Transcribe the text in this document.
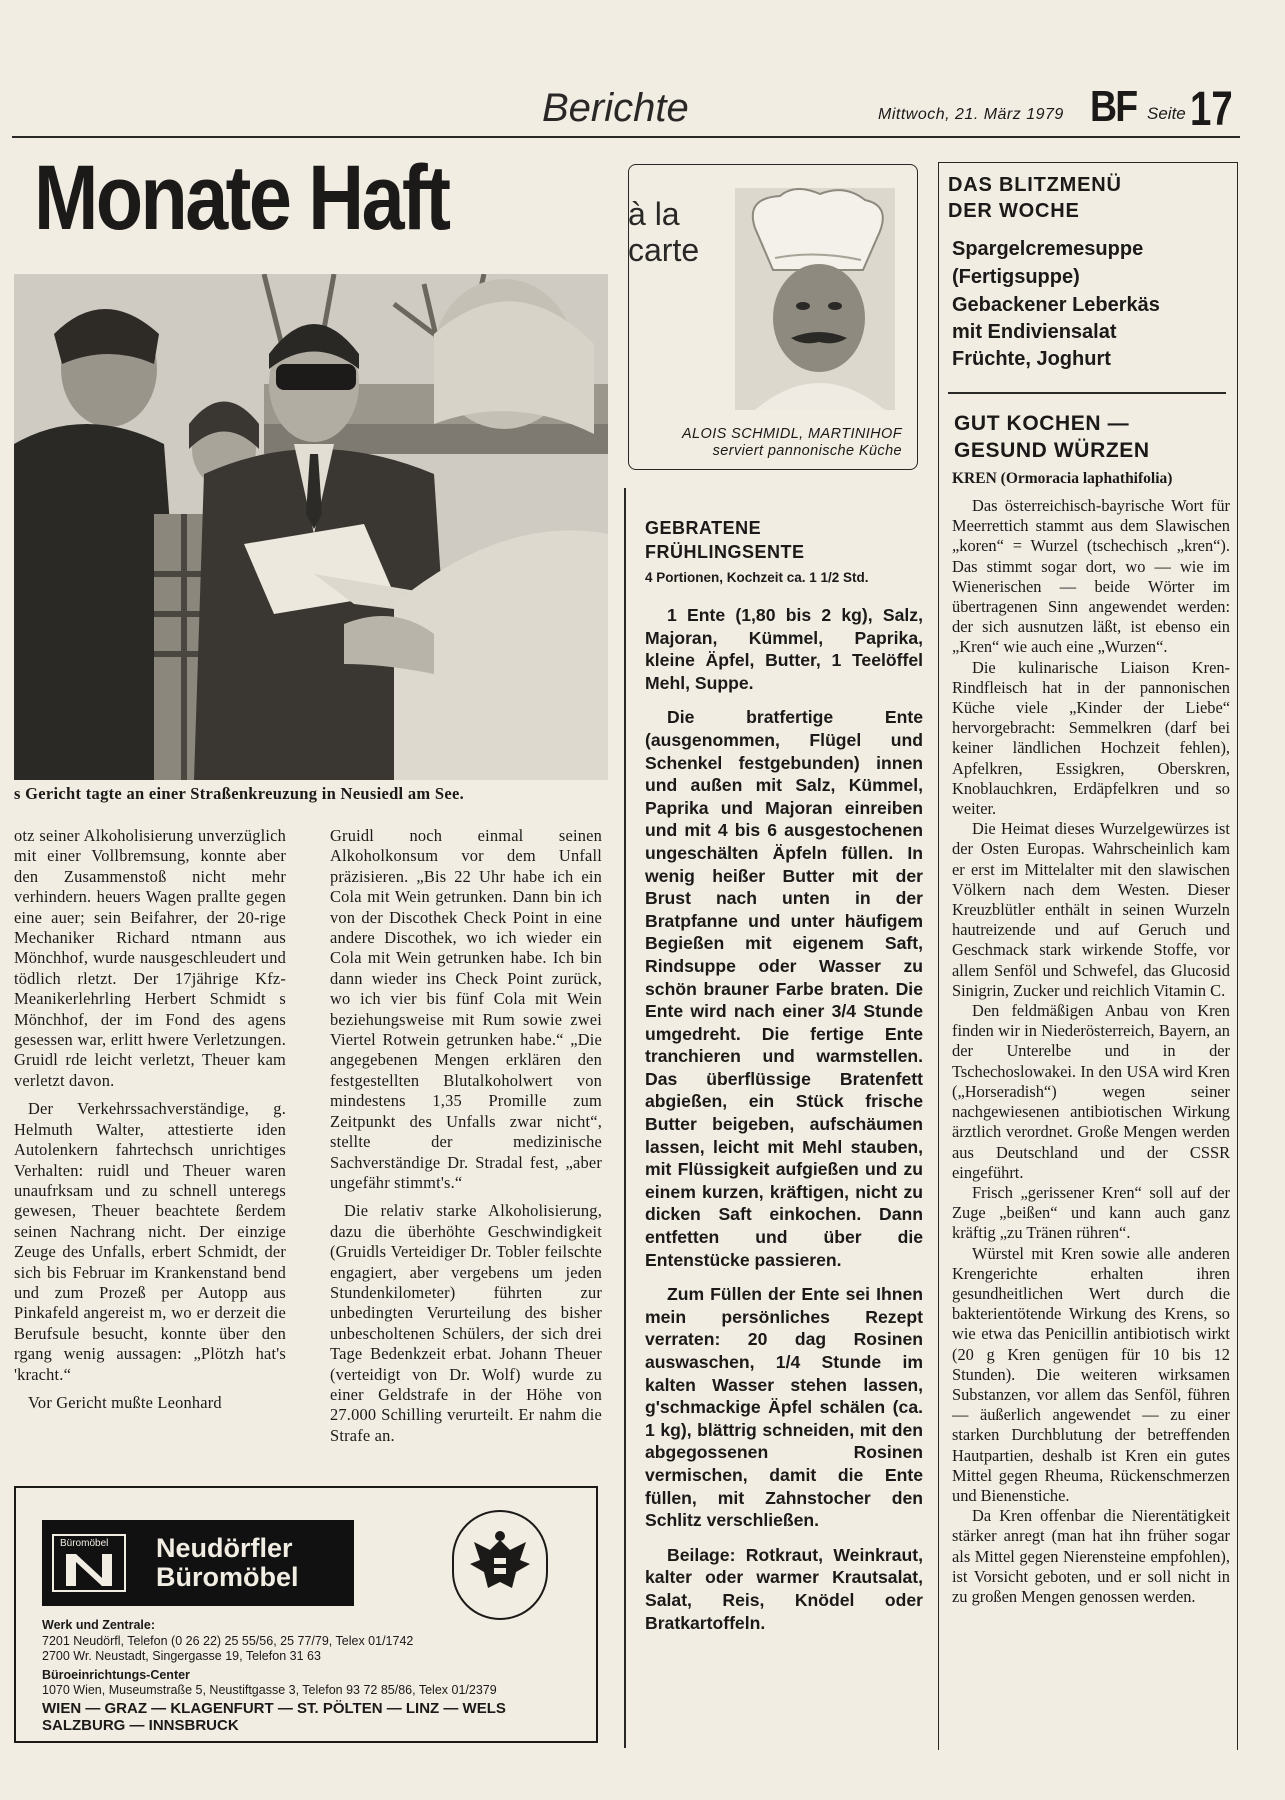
Berichte	Mittwoch, 21. März 1979 BF Seite 17
Monate Haft
s Gericht tagte an einer Straßenkreuzung in Neusiedl am See.

otz seiner Alkoholisierung unverzüglich mit einer Vollbremsung, konnte aber den Zusammenstoß nicht mehr verhindern. heuers Wagen prallte gegen eine auer; sein Beifahrer, der 20-rige Mechaniker Richard ntmann aus Mönchhof, wurde nausgeschleudert und tödlich rletzt. Der 17jährige Kfz-Meanikerlehrling Herbert Schmidt s Mönchhof, der im Fond des agens gesessen war, erlitt hwere Verletzungen. Gruidl rde leicht verletzt, Theuer kam verletzt davon.

Der Verkehrssachverständige, g. Helmuth Walter, attestierte iden Autolenkern fahrtechsch unrichtiges Verhalten: ruidl und Theuer waren unaufrksam und zu schnell unteregs gewesen, Theuer beachtete ßerdem seinen Nachrang nicht. Der einzige Zeuge des Unfalls, erbert Schmidt, der sich bis Februar im Krankenstand bend und zum Prozeß per Autopp aus Pinkafeld angereist m, wo er derzeit die Berufsule besucht, konnte über den rgang wenig aussagen: „Plötzh hat's 'kracht.“

Vor Gericht mußte Leonhard

Gruidl noch einmal seinen Alkoholkonsum vor dem Unfall präzisieren. „Bis 22 Uhr habe ich ein Cola mit Wein getrunken. Dann bin ich von der Discothek Check Point in eine andere Discothek, wo ich wieder ein Cola mit Wein getrunken habe. Ich bin dann wieder ins Check Point zurück, wo ich vier bis fünf Cola mit Wein beziehungsweise mit Rum sowie zwei Viertel Rotwein getrunken habe.“ „Die angegebenen Mengen erklären den festgestellten Blutalkoholwert von mindestens 1,35 Promille zum Zeitpunkt des Unfalls zwar nicht“, stellte der medizinische Sachverständige Dr. Stradal fest, „aber ungefähr stimmt's.“

Die relativ starke Alkoholisierung, dazu die überhöhte Geschwindigkeit (Gruidls Verteidiger Dr. Tobler feilschte engagiert, aber vergebens um jeden Stundenkilometer) führten zur unbedingten Verurteilung des bisher unbescholtenen Schülers, der sich drei Tage Bedenkzeit erbat. Johann Theuer (verteidigt von Dr. Wolf) wurde zu einer Geldstrafe in der Höhe von 27.000 Schilling verurteilt. Er nahm die Strafe an.

Büromöbel Neudörfler
Büromöbel
Werk und Zentrale:
7201 Neudörfl, Telefon (0 26 22) 25 55/56, 25 77/79, Telex 01/1742
2700 Wr. Neustadt, Singergasse 19, Telefon 31 63
Büroeinrichtungs-Center
1070 Wien, Museumstraße 5, Neustiftgasse 3, Telefon 93 72 85/86, Telex 01/2379
WIEN — GRAZ — KLAGENFURT — ST. PÖLTEN — LINZ — WELS
SALZBURG — INNSBRUCK
à la
carte
ALOIS SCHMIDL, MARTINIHOF
serviert pannonische Küche
GEBRATENE
FRÜHLINGSENTE
4 Portionen, Kochzeit ca. 1 1/2 Std.

1 Ente (1,80 bis 2 kg), Salz, Majoran, Kümmel, Paprika, kleine Äpfel, Butter, 1 Teelöffel Mehl, Suppe.

Die bratfertige Ente (ausgenommen, Flügel und Schenkel festgebunden) innen und außen mit Salz, Kümmel, Paprika und Majoran einreiben und mit 4 bis 6 ausgestochenen ungeschälten Äpfeln füllen. In wenig heißer Butter mit der Brust nach unten in der Bratpfanne und unter häufigem Begießen mit eigenem Saft, Rindsuppe oder Wasser zu schön brauner Farbe braten. Die Ente wird nach einer 3/4 Stunde umgedreht. Die fertige Ente tranchieren und warmstellen. Das überflüssige Bratenfett abgießen, ein Stück frische Butter beigeben, aufschäumen lassen, leicht mit Mehl stauben, mit Flüssigkeit aufgießen und zu einem kurzen, kräftigen, nicht zu dicken Saft einkochen. Dann entfetten und über die Entenstücke passieren.

Zum Füllen der Ente sei Ihnen mein persönliches Rezept verraten: 20 dag Rosinen auswaschen, 1/4 Stunde im kalten Wasser stehen lassen, g'schmackige Äpfel schälen (ca. 1 kg), blättrig schneiden, mit den abgegossenen Rosinen vermischen, damit die Ente füllen, mit Zahnstocher den Schlitz verschließen.

Beilage: Rotkraut, Weinkraut, kalter oder warmer Krautsalat, Salat, Reis, Knödel oder Bratkartoffeln.

DAS BLITZMENÜ
DER WOCHE
Spargelcremesuppe
(Fertigsuppe)
Gebackener Leberkäs
mit Endiviensalat
Früchte, Joghurt
GUT KOCHEN —
GESUND WÜRZEN
KREN (Ormoracia laphathifolia)

Das österreichisch-bayrische Wort für Meerrettich stammt aus dem Slawischen „koren“ = Wurzel (tschechisch „kren“). Das stimmt sogar dort, wo — wie im Wienerischen — beide Wörter im übertragenen Sinn angewendet werden: der sich ausnutzen läßt, ist ebenso ein „Kren“ wie auch eine „Wurzen“.

Die kulinarische Liaison Kren-Rindfleisch hat in der pannonischen Küche viele „Kinder der Liebe“ hervorgebracht: Semmelkren (darf bei keiner ländlichen Hochzeit fehlen), Apfelkren, Essigkren, Oberskren, Knoblauchkren, Erdäpfelkren und so weiter.

Die Heimat dieses Wurzelgewürzes ist der Osten Europas. Wahrscheinlich kam er erst im Mittelalter mit den slawischen Völkern nach dem Westen. Dieser Kreuzblütler enthält in seinen Wurzeln hautreizende und auf Geruch und Geschmack stark wirkende Stoffe, vor allem Senföl und Schwefel, das Glucosid Sinigrin, Zucker und reichlich Vitamin C.

Den feldmäßigen Anbau von Kren finden wir in Niederösterreich, Bayern, an der Unterelbe und in der Tschechoslowakei. In den USA wird Kren („Horseradish“) wegen seiner nachgewiesenen antibiotischen Wirkung ärztlich verordnet. Große Mengen werden aus Deutschland und der CSSR eingeführt.

Frisch „gerissener Kren“ soll auf der Zuge „beißen“ und kann auch ganz kräftig „zu Tränen rühren“.

Würstel mit Kren sowie alle anderen Krengerichte erhalten ihren gesundheitlichen Wert durch die bakterientötende Wirkung des Krens, so wie etwa das Penicillin antibiotisch wirkt (20 g Kren genügen für 10 bis 12 Stunden). Die weiteren wirksamen Substanzen, vor allem das Senföl, führen — äußerlich angewendet — zu einer starken Durchblutung der betreffenden Hautpartien, deshalb ist Kren ein gutes Mittel gegen Rheuma, Rückenschmerzen und Bienenstiche.

Da Kren offenbar die Nierentätigkeit stärker anregt (man hat ihn früher sogar als Mittel gegen Nierensteine empfohlen), ist Vorsicht geboten, und er soll nicht in zu großen Mengen genossen werden.
